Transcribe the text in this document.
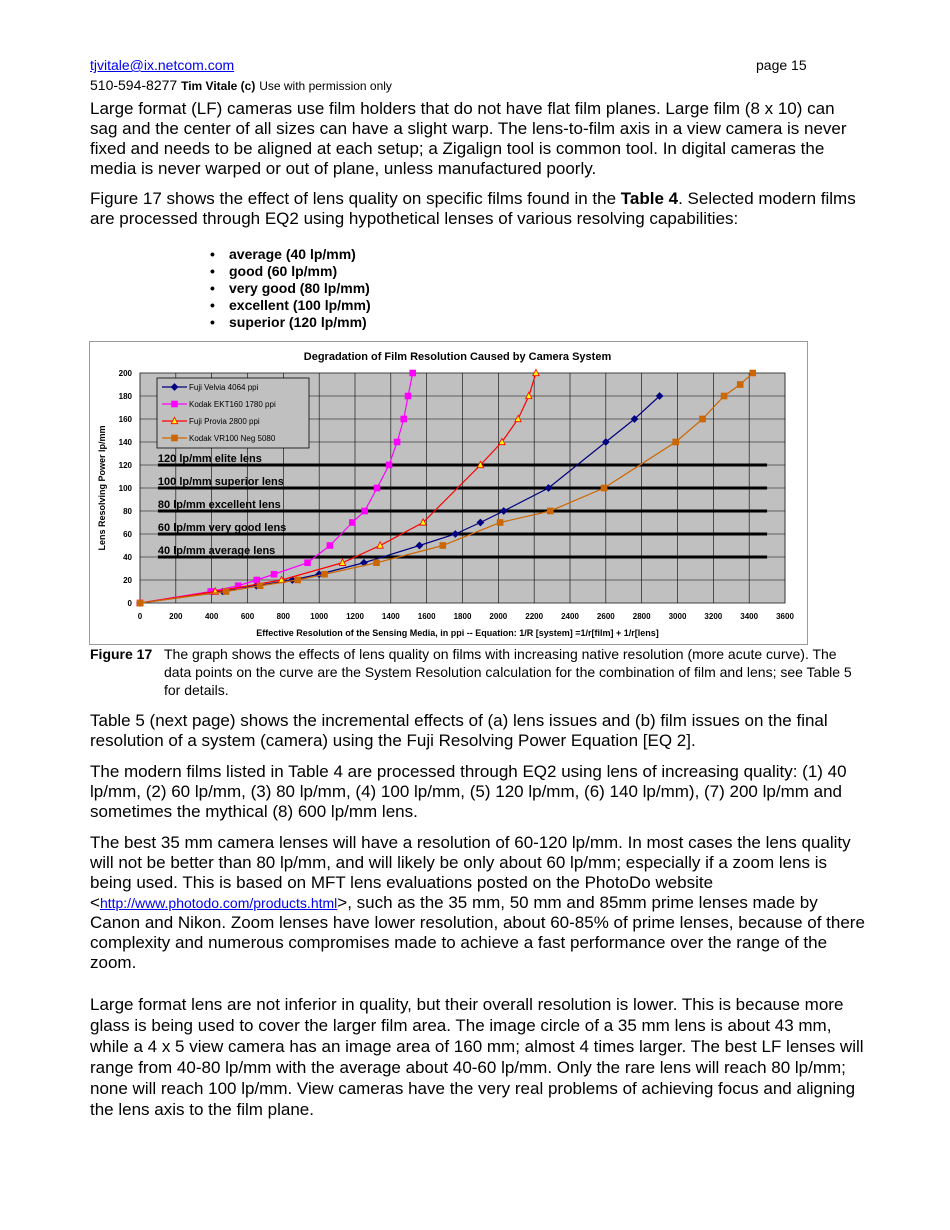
tjvitale@ix.netcom.com	page 15
510-594-8277 Tim Vitale (c) Use with permission only

Large format (LF) cameras use film holders that do not have flat film planes. Large film (8 x 10) can sag and the center of all sizes can have a slight warp. The lens-to-film axis in a view camera is never fixed and needs to be aligned at each setup; a Zigalign tool is common tool. In digital cameras the media is never warped or out of plane, unless manufactured poorly.

Figure 17 shows the effect of lens quality on specific films found in the Table 4. Selected modern films are processed through EQ2 using hypothetical lenses of various resolving capabilities:

• average (40 lp/mm)
• good (60 lp/mm)
• very good (80 lp/mm)
• excellent (100 lp/mm)
• superior (120 lp/mm)
Degradation of Film Resolution Caused by Camera System
0	200	400	600	800	1000 1200 1400 1600 1800 2000 2200 2400 2600 2800 3000 3200 3400 3600
0
20
40
60
80
100
120
140
160
180
200
Effective Resolution of the Sensing Media, in ppi -- Equation: 1/R [system] =1/r[film] + 1/r[lens]
Lens Resolving Power lp/mm	120 lp/mm elite lens
100 lp/mm superior lens
80 lp/mm excellent lens
60 lp/mm very good lens
40 lp/mm average lens
Fuji Velvia 4064 ppi
Kodak EKT160 1780 ppi
Fuji Provia 2800 ppi
Kodak VR100 Neg 5080
Figure 17 The graph shows the effects of lens quality on films with increasing native resolution (more acute curve). The data points on the curve are the System Resolution calculation for the combination of film and lens; see Table 5 for details.

Table 5 (next page) shows the incremental effects of (a) lens issues and (b) film issues on the final resolution of a system (camera) using the Fuji Resolving Power Equation [EQ 2].

The modern films listed in Table 4 are processed through EQ2 using lens of increasing quality: (1) 40 lp/mm, (2) 60 lp/mm, (3) 80 lp/mm, (4) 100 lp/mm, (5) 120 lp/mm, (6) 140 lp/mm), (7) 200 lp/mm and sometimes the mythical (8) 600 lp/mm lens.

The best 35 mm camera lenses will have a resolution of 60-120 lp/mm. In most cases the lens quality will not be better than 80 lp/mm, and will likely be only about 60 lp/mm; especially if a zoom lens is being used. This is based on MFT lens evaluations posted on the PhotoDo website <http://www.photodo.com/products.html>, such as the 35 mm, 50 mm and 85mm prime lenses made by Canon and Nikon. Zoom lenses have lower resolution, about 60-85% of prime lenses, because of there complexity and numerous compromises made to achieve a fast performance over the range of the zoom.

Large format lens are not inferior in quality, but their overall resolution is lower. This is because more glass is being used to cover the larger film area. The image circle of a 35 mm lens is about 43 mm, while a 4 x 5 view camera has an image area of 160 mm; almost 4 times larger. The best LF lenses will range from 40-80 lp/mm with the average about 40-60 lp/mm. Only the rare lens will reach 80 lp/mm; none will reach 100 lp/mm. View cameras have the very real problems of achieving focus and aligning the lens axis to the film plane.
